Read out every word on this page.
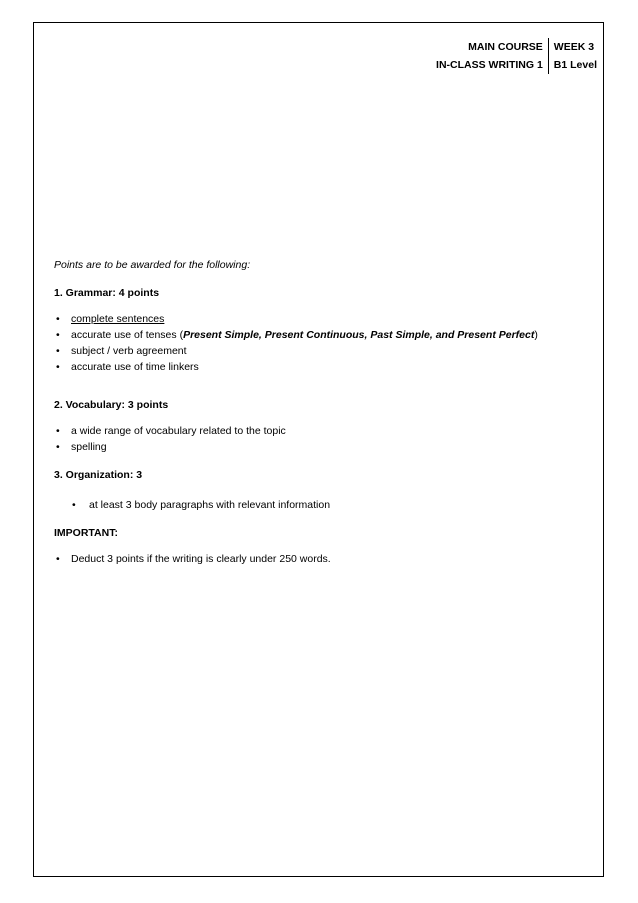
MAIN COURSE
IN-CLASS WRITING 1
WEEK 3
B1 Level

Points are to be awarded for the following:

1. Grammar: 4 points

• complete sentences
• accurate use of tenses (Present Simple, Present Continuous, Past Simple, and Present Perfect)
• subject / verb agreement
• accurate use of time linkers

2. Vocabulary: 3 points

• a wide range of vocabulary related to the topic
• spelling

3. Organization: 3

• at least 3 body paragraphs with relevant information

IMPORTANT:

• Deduct 3 points if the writing is clearly under 250 words.
